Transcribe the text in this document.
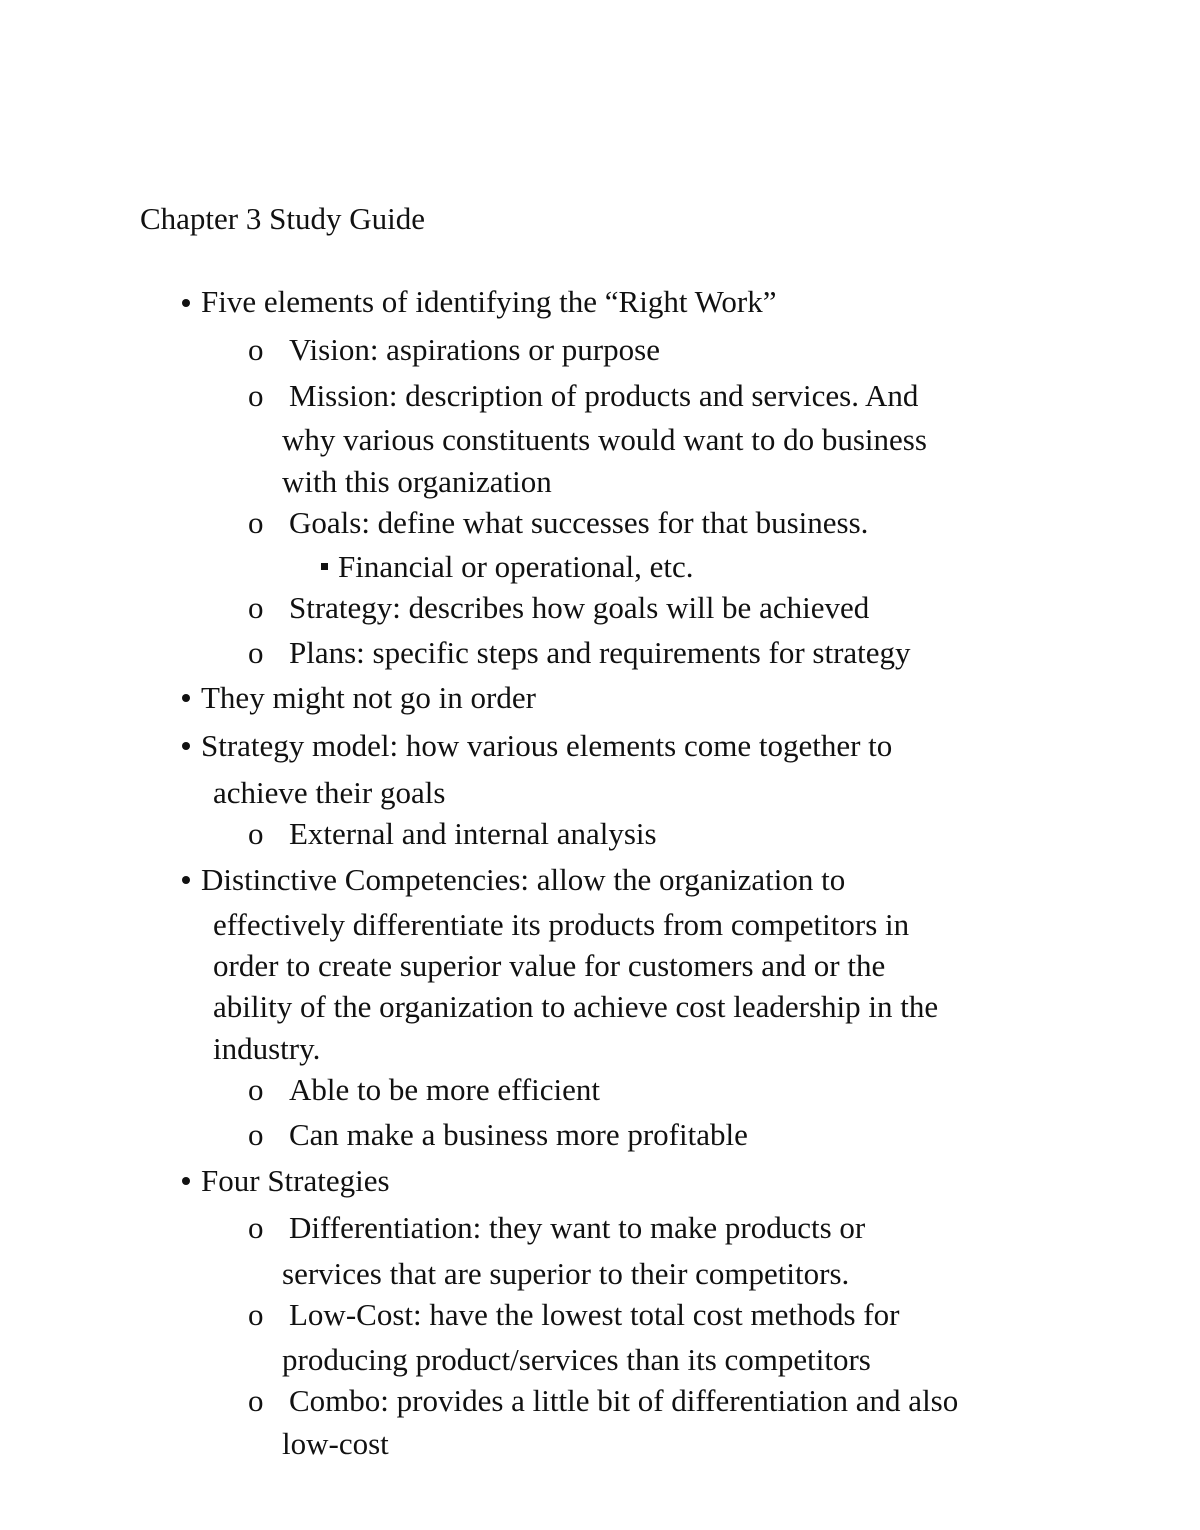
Chapter 3 Study Guide
Five elements of identifying the “Right Work”
o Vision: aspirations or purpose
o Mission: description of products and services. And
why various constituents would want to do business
with this organization
o Goals: define what successes for that business.
Financial or operational, etc.
o Strategy: describes how goals will be achieved
o Plans: specific steps and requirements for strategy
They might not go in order
Strategy model: how various elements come together to
achieve their goals
o External and internal analysis
Distinctive Competencies: allow the organization to
effectively differentiate its products from competitors in
order to create superior value for customers and or the
ability of the organization to achieve cost leadership in the
industry.
o Able to be more efficient
o Can make a business more profitable
Four Strategies
o Differentiation: they want to make products or
services that are superior to their competitors.
o Low-Cost: have the lowest total cost methods for
producing product/services than its competitors
o Combo: provides a little bit of differentiation and also
low-cost
